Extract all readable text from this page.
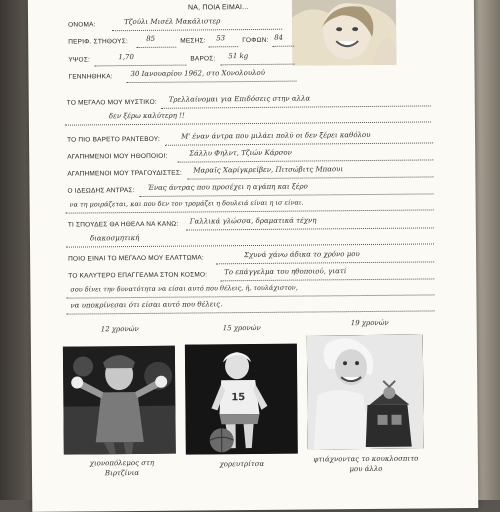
ΝΑ, ΠΟΙΑ ΕΙΜΑΙ...
ΟΝΟΜΑ:	Τζούλι Μισέλ Μακάλιστερ
ΠΕΡΙΦ. ΣΤΗΘΟΥΣ:	85	ΜΕΣΗΣ: 53	ΓΟΦΩΝ: 84
ΥΨΟΣ:	1,70	ΒΑΡΟΣ: 51 kg
ΓΕΝΝΗΘΗΚΑ:	30 Ιανουαρίου 1962, στο Χονολουλού
ΤΟ ΜΕΓΑΛΟ ΜΟΥ ΜΥΣΤΙΚΟ: Τρελλαίνομαι για Επιδόσεις στην αλλα
δεν ξέρω καλύτερη !!
ΤΟ ΠΙΟ ΒΑΡΕΤΟ ΡΑΝΤΕΒΟΥ:	Μ' έναν άντρα που μιλάει πολύ οι δεν ξέρει καθόλου
ΑΓΑΠΗΜΕΝΟΙ ΜΟΥ ΗΘΟΠΟΙΟΙ:	Σάλλυ Φηλντ, Τζιών Κάρσον
ΑΓΑΠΗΜΕΝΟΙ ΜΟΥ ΤΡΑΓΟΥΔΙΣΤΕΣ: Μαραϊς Χαρίγκρεϊβεν, Πιτσώβιτς Μπαουι
Ο ΙΔΕΩΔΗΣ ΑΝΤΡΑΣ: Ένας άντρας που προσέχει η αγάπη και ξέρο
να τη μοιράζεται, και που δεν τον τρομάζει η δουλειά είναι η ισ είναι.
ΤΙ ΣΠΟΥΔΕΣ ΘΑ ΗΘΕΛΑ ΝΑ ΚΑΝΩ: Γαλλικά γλώσσα, δραματικά τέχνη
διακοσμητική
ΠΟΙΟ ΕΙΝΑΙ ΤΟ ΜΕΓΑΛΟ ΜΟΥ ΕΛΑΤΤΩΜΑ:	Σχυνά χάνω άδικα το χρόνο μου
ΤΟ ΚΑΛΥΤΕΡΟ ΕΠΑΓΓΕΛΜΑ ΣΤΟΝ ΚΟΣΜΟ: Το επάγγελμα του ηθοποιού, γιατί
σου δίνει την δυνατότητα να είσαι αυτό που θέλεις, ή, τουλάχιστον,
να υποκρίνεσαι ότι είσαι αυτό που θέλεις.
12 χρονών	15 χρονών
19 χρονών
15
χιονοπόλεμος στη
Βιρτζίνια
χορευτρίτσα
φτιάχνοντας το κουκλοσπιτο
μου άλλο
